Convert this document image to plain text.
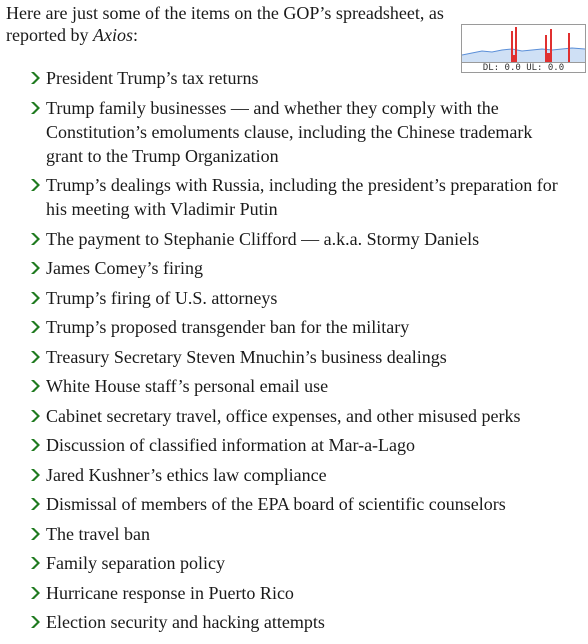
Here are just some of the items on the GOP’s spreadsheet, as reported by Axios:

DL: 0.0 UL: 0.0
President Trump’s tax returns
Trump family businesses — and whether they comply with the Constitution’s emoluments clause, including the Chinese trademark grant to the Trump Organization
Trump’s dealings with Russia, including the president’s preparation for his meeting with Vladimir Putin
The payment to Stephanie Clifford — a.k.a. Stormy Daniels
James Comey’s firing
Trump’s firing of U.S. attorneys
Trump’s proposed transgender ban for the military
Treasury Secretary Steven Mnuchin’s business dealings
White House staff’s personal email use
Cabinet secretary travel, office expenses, and other misused perks
Discussion of classified information at Mar-a-Lago
Jared Kushner’s ethics law compliance
Dismissal of members of the EPA board of scientific counselors
The travel ban
Family separation policy
Hurricane response in Puerto Rico
Election security and hacking attempts
